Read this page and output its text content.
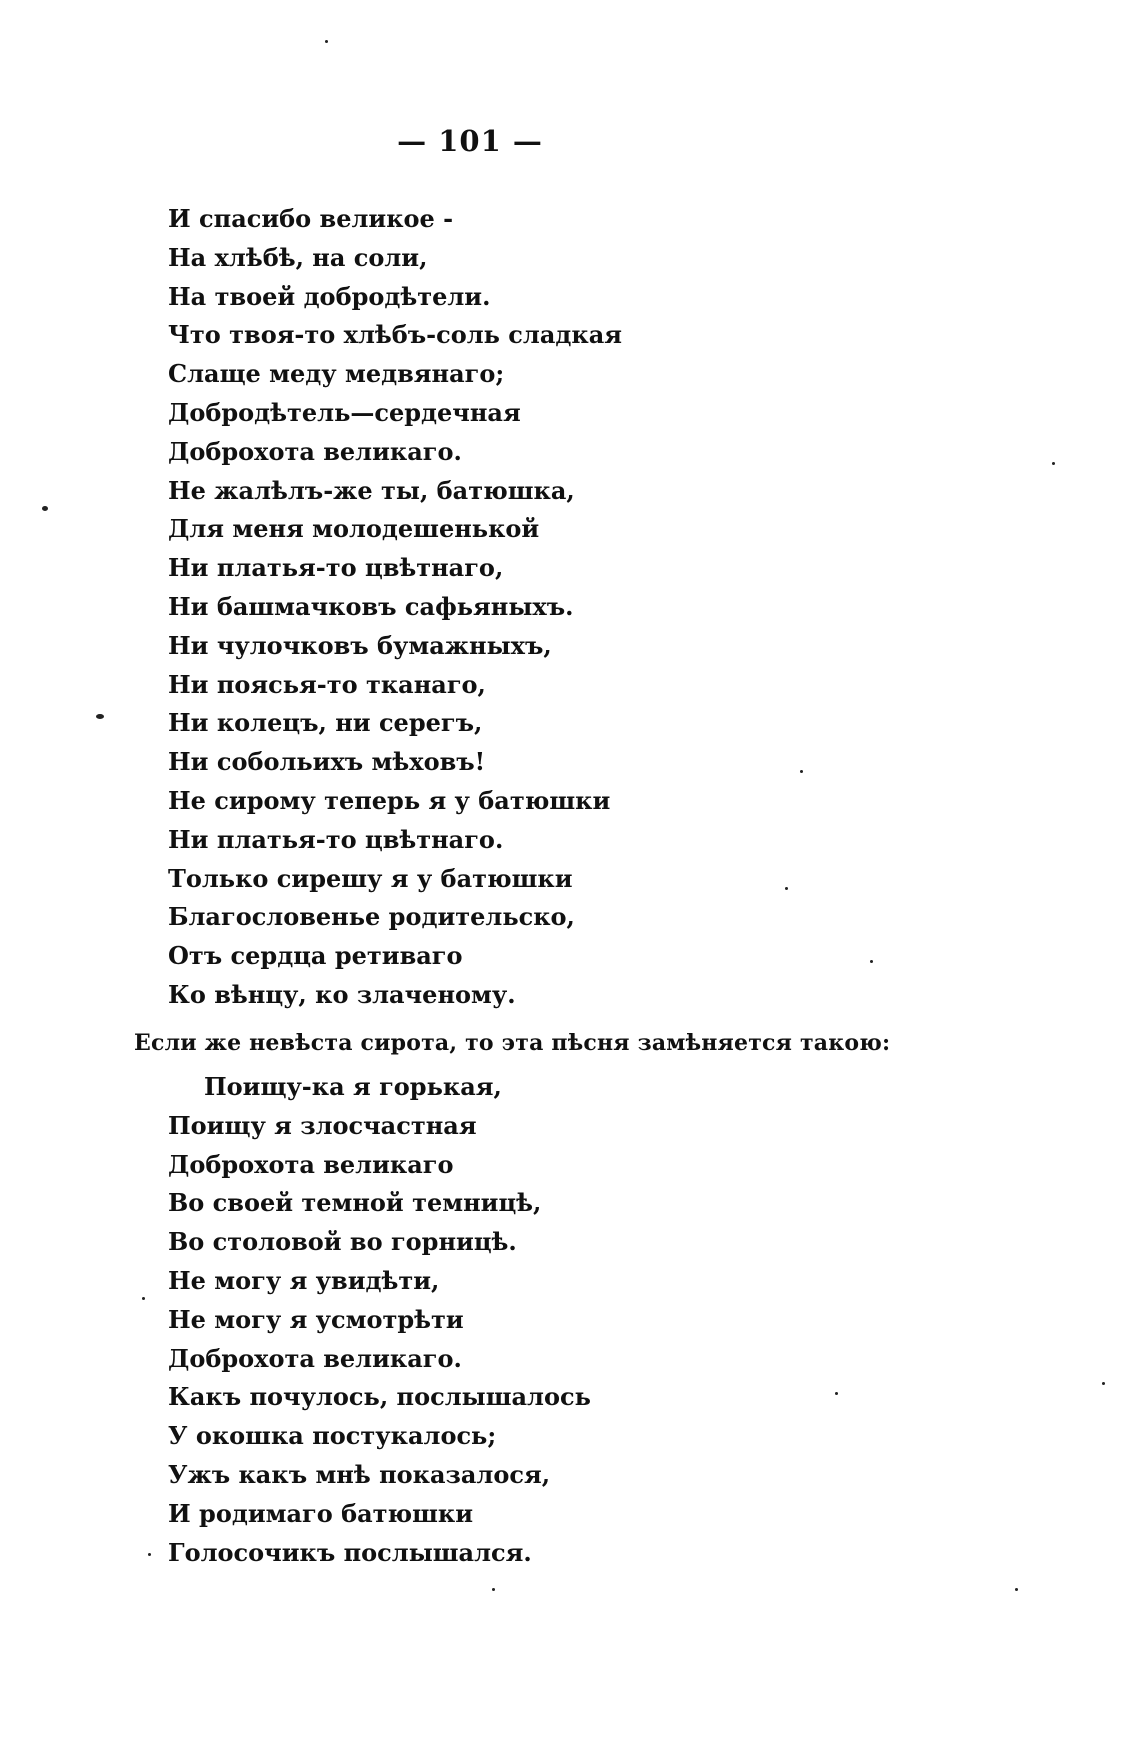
— 101 —
И спасибо великое -
На хлѣбѣ, на соли,
На твоей добродѣтели.
Что твоя-то хлѣбъ-соль сладкая
Слаще меду медвянаго;
Добродѣтель—сердечная
Доброхота великаго.
Не жалѣлъ-же ты, батюшка,
Для меня молодешенькой
Ни платья-то цвѣтнаго,
Ни башмачковъ сафьяныхъ.
Ни чулочковъ бумажныхъ,
Ни поясья-то тканаго,
Ни колецъ, ни серегъ,
Ни собольихъ мѣховъ!
Не сирому теперь я у батюшки
Ни платья-то цвѣтнаго.
Только сирешу я у батюшки
Благословенье родительско,
Отъ сердца ретиваго
Ко вѣнцу, ко злаченому.
Если же невѣста сирота, то эта пѣсня замѣняется такою:
Поищу-ка я горькая,
Поищу я злосчастная
Доброхота великаго
Во своей темной темницѣ,
Во столовой во горницѣ.
Не могу я увидѣти,
Не могу я усмотрѣти
Доброхота великаго.
Какъ почулось, послышалось
У окошка постукалось;
Ужъ какъ мнѣ показалося,
И родимаго батюшки
Голосочикъ послышался.
